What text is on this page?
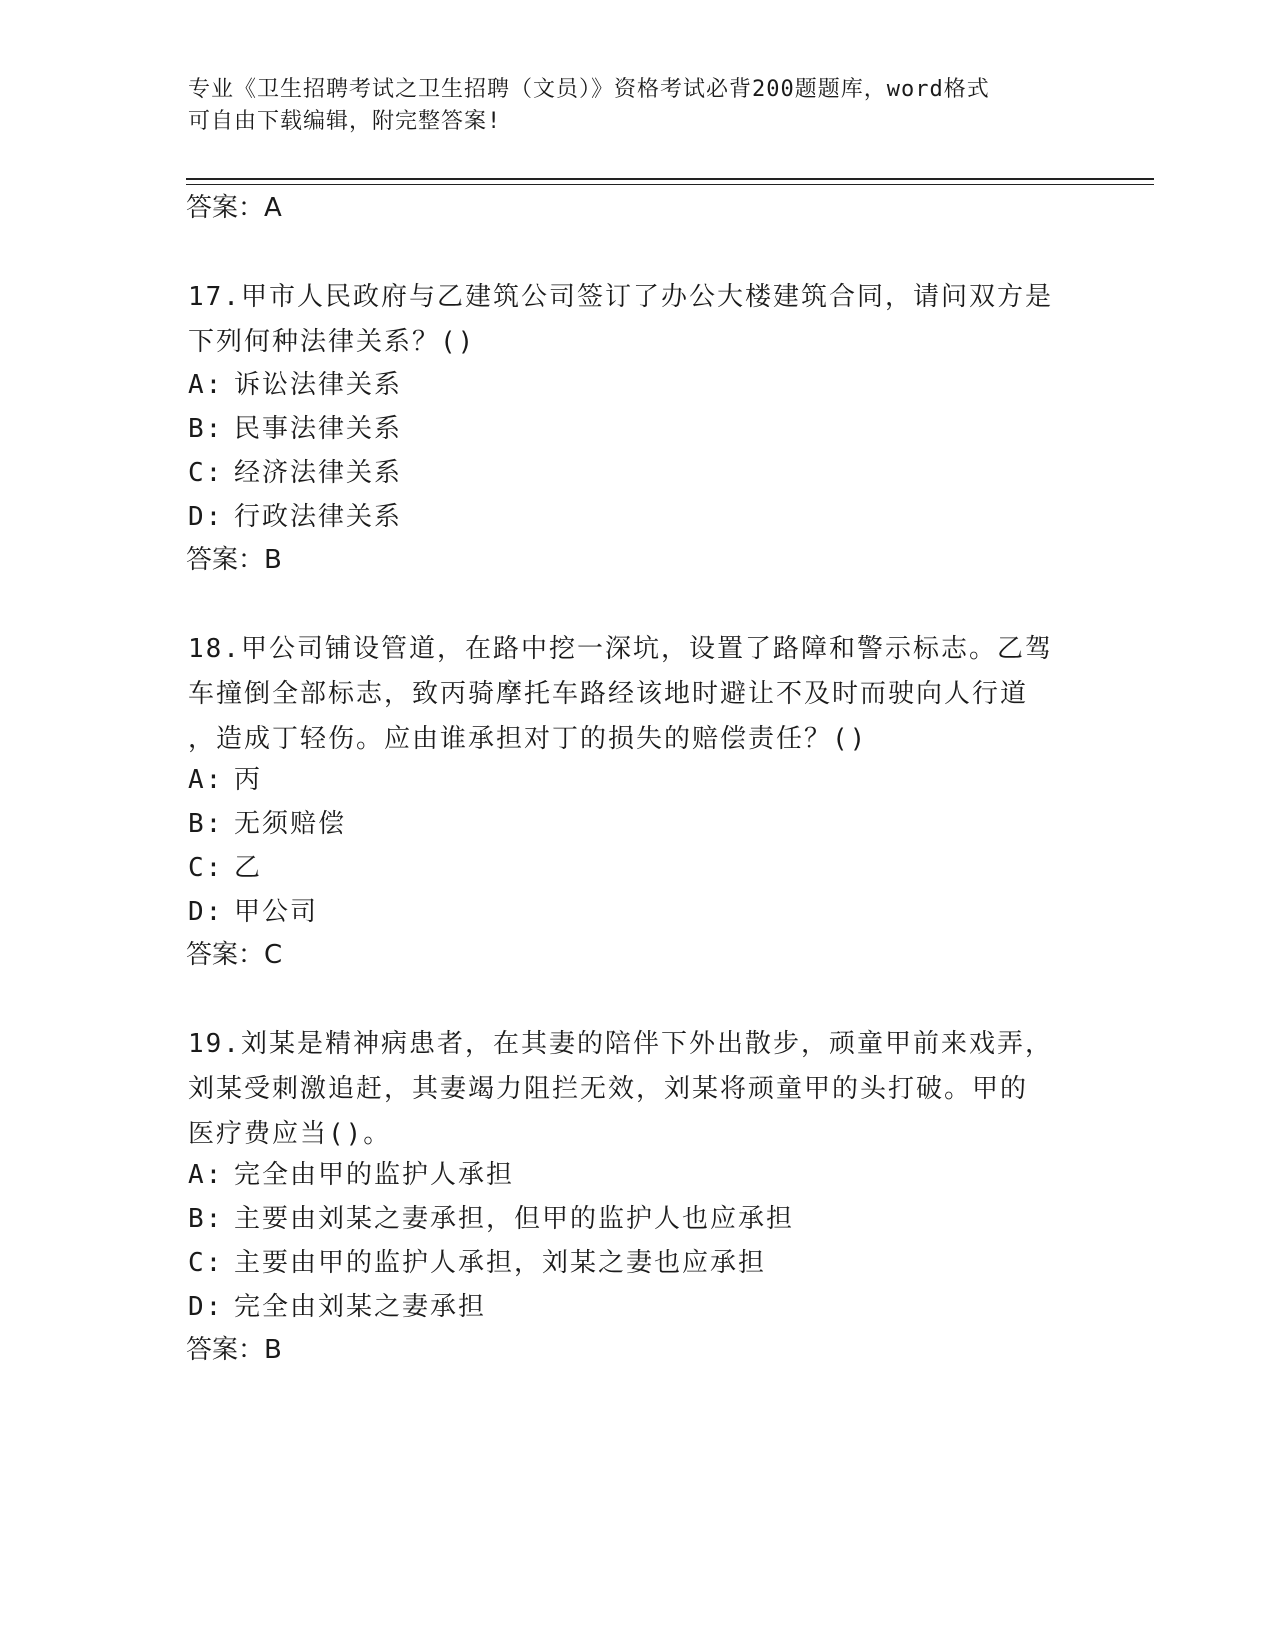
专业《卫生招聘考试之卫生招聘（文员）》资格考试必背200题题库，word格式
可自由下载编辑，附完整答案!
答案：A
17.甲市人民政府与乙建筑公司签订了办公大楼建筑合同，请问双方是
下列何种法律关系？()
A: 诉讼法律关系
B: 民事法律关系
C: 经济法律关系
D: 行政法律关系
答案：B
18.甲公司铺设管道，在路中挖一深坑，设置了路障和警示标志。乙驾
车撞倒全部标志，致丙骑摩托车路经该地时避让不及时而驶向人行道
，造成丁轻伤。应由谁承担对丁的损失的赔偿责任？()
A: 丙
B: 无须赔偿
C: 乙
D: 甲公司
答案：C
19.刘某是精神病患者，在其妻的陪伴下外出散步，顽童甲前来戏弄，
刘某受刺激追赶，其妻竭力阻拦无效，刘某将顽童甲的头打破。甲的
医疗费应当()。
A: 完全由甲的监护人承担
B: 主要由刘某之妻承担，但甲的监护人也应承担
C: 主要由甲的监护人承担，刘某之妻也应承担
D: 完全由刘某之妻承担
答案：B
